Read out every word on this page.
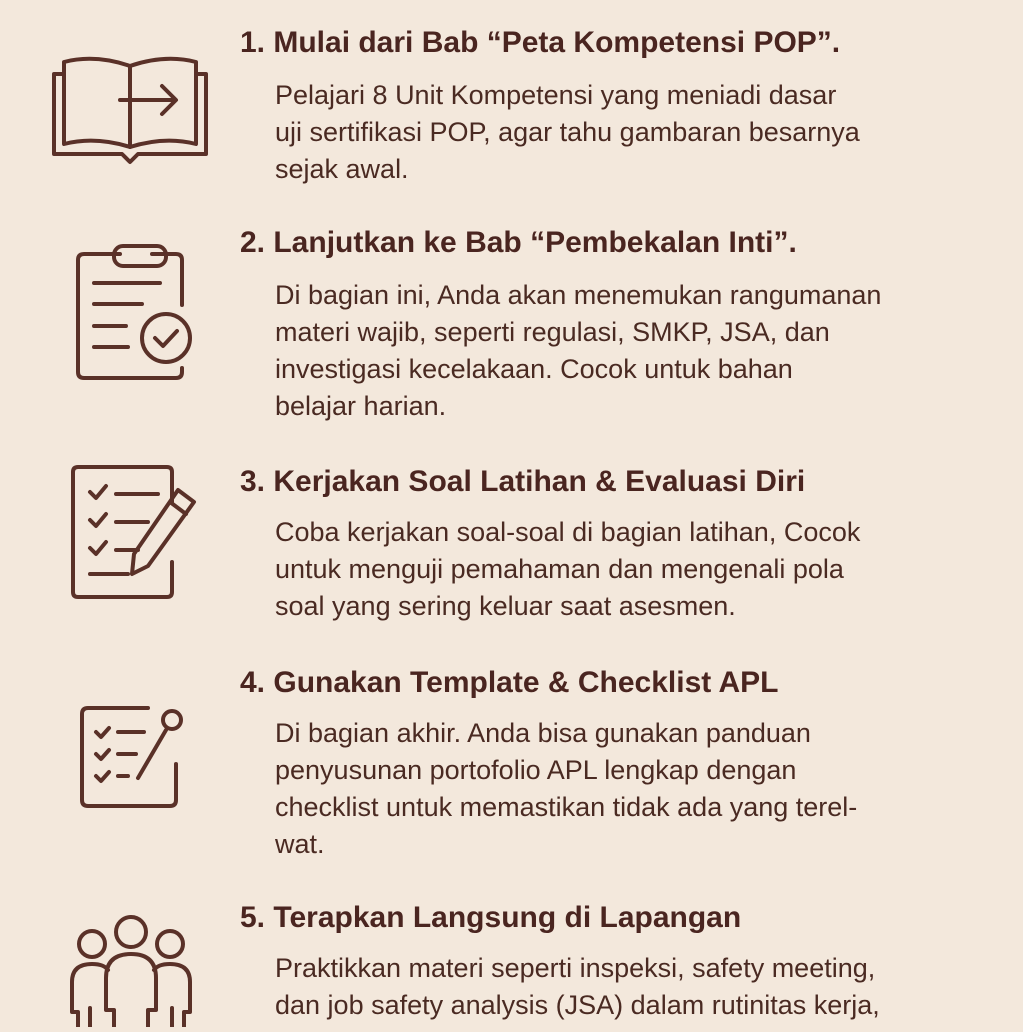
1. Mulai dari Bab “Peta Kompetensi POP”.
Pelajari 8 Unit Kompetensi yang meniadi dasar
uji sertifikasi POP, agar tahu gambaran besarnya
sejak awal.
2. Lanjutkan ke Bab “Pembekalan Inti”.
Di bagian ini, Anda akan menemukan rangumanan
materi wajib, seperti regulasi, SMKP, JSA, dan
investigasi kecelakaan. Cocok untuk bahan
belajar harian.
3. Kerjakan Soal Latihan & Evaluasi Diri
Coba kerjakan soal-soal di bagian latihan, Cocok
untuk menguji pemahaman dan mengenali pola
soal yang sering keluar saat asesmen.
4. Gunakan Template & Checklist APL
Di bagian akhir. Anda bisa gunakan panduan
penyusunan portofolio APL lengkap dengan
checklist untuk memastikan tidak ada yang terel-
wat.
5. Terapkan Langsung di Lapangan
Praktikkan materi seperti inspeksi, safety meeting,
dan job safety analysis (JSA) dalam rutinitas kerja,
